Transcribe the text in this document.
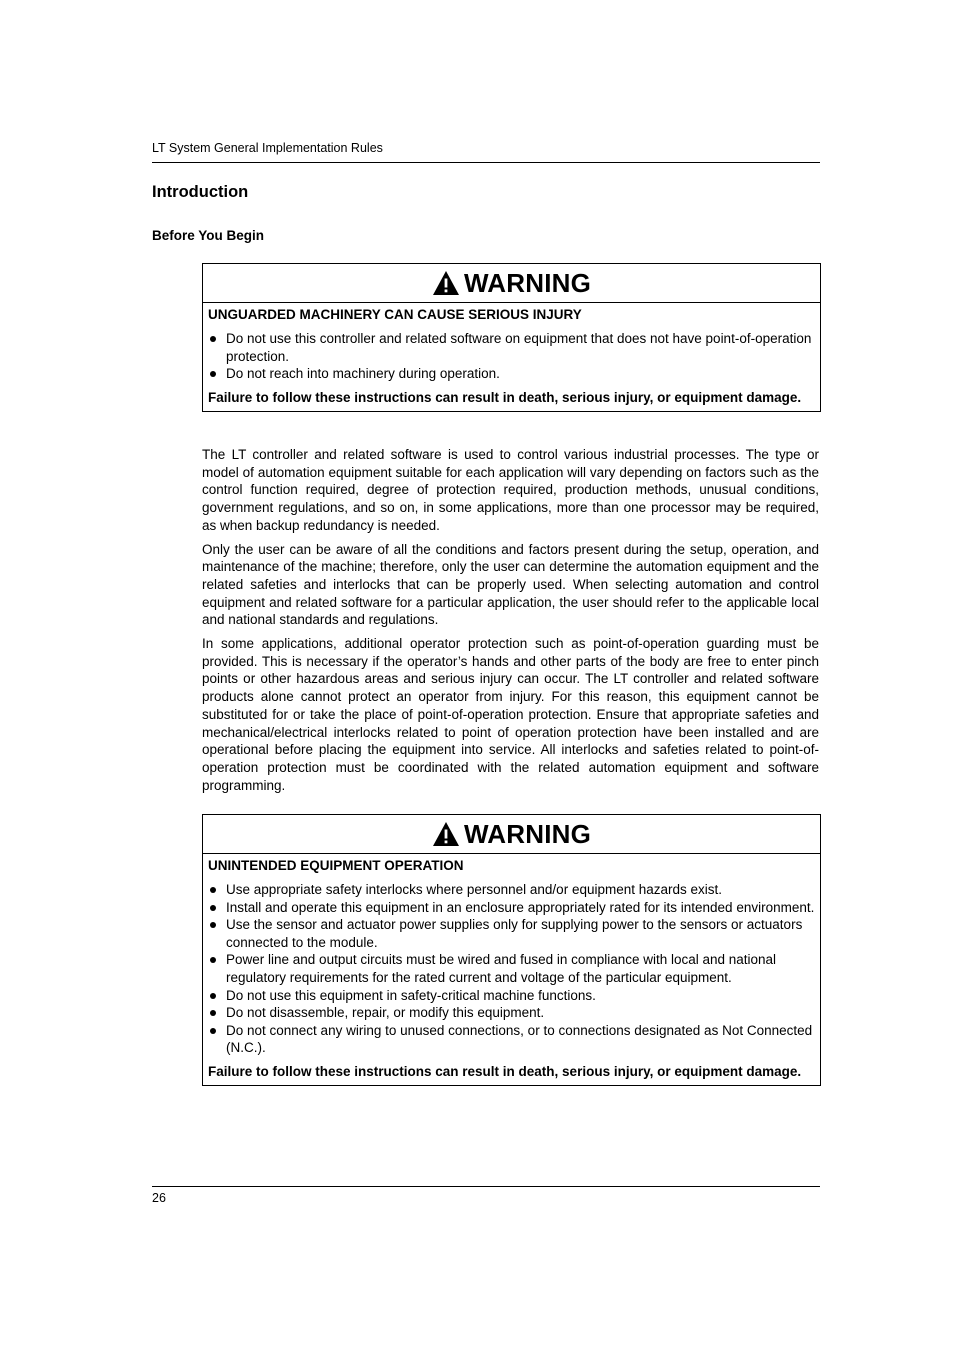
LT System General Implementation Rules
Introduction
Before You Begin
WARNING
UNGUARDED MACHINERY CAN CAUSE SERIOUS INJURY
Do not use this controller and related software on equipment that does not have point-of-operation protection.
Do not reach into machinery during operation.
Failure to follow these instructions can result in death, serious injury, or equipment damage.

The LT controller and related software is used to control various industrial processes. The type or model of automation equipment suitable for each application will vary depending on factors such as the control function required, degree of protection required, production methods, unusual conditions, government regulations, and so on, in some applications, more than one processor may be required, as when backup redundancy is needed.

Only the user can be aware of all the conditions and factors present during the setup, operation, and maintenance of the machine; therefore, only the user can determine the automation equipment and the related safeties and interlocks that can be properly used. When selecting automation and control equipment and related software for a particular application, the user should refer to the applicable local and national standards and regulations.

In some applications, additional operator protection such as point-of-operation guarding must be provided. This is necessary if the operator’s hands and other parts of the body are free to enter pinch points or other hazardous areas and serious injury can occur. The LT controller and related software products alone cannot protect an operator from injury. For this reason, this equipment cannot be substituted for or take the place of point-of-operation protection. Ensure that appropriate safeties and mechanical/electrical interlocks related to point of operation protection have been installed and are operational before placing the equipment into service. All interlocks and safeties related to point-of-operation protection must be coordinated with the related automation equipment and software programming.

WARNING
UNINTENDED EQUIPMENT OPERATION
Use appropriate safety interlocks where personnel and/or equipment hazards exist.
Install and operate this equipment in an enclosure appropriately rated for its intended environment.
Use the sensor and actuator power supplies only for supplying power to the sensors or actuators connected to the module.
Power line and output circuits must be wired and fused in compliance with local and national regulatory requirements for the rated current and voltage of the particular equipment.
Do not use this equipment in safety-critical machine functions.
Do not disassemble, repair, or modify this equipment.
Do not connect any wiring to unused connections, or to connections designated as Not Connected (N.C.).
Failure to follow these instructions can result in death, serious injury, or equipment damage.
26
